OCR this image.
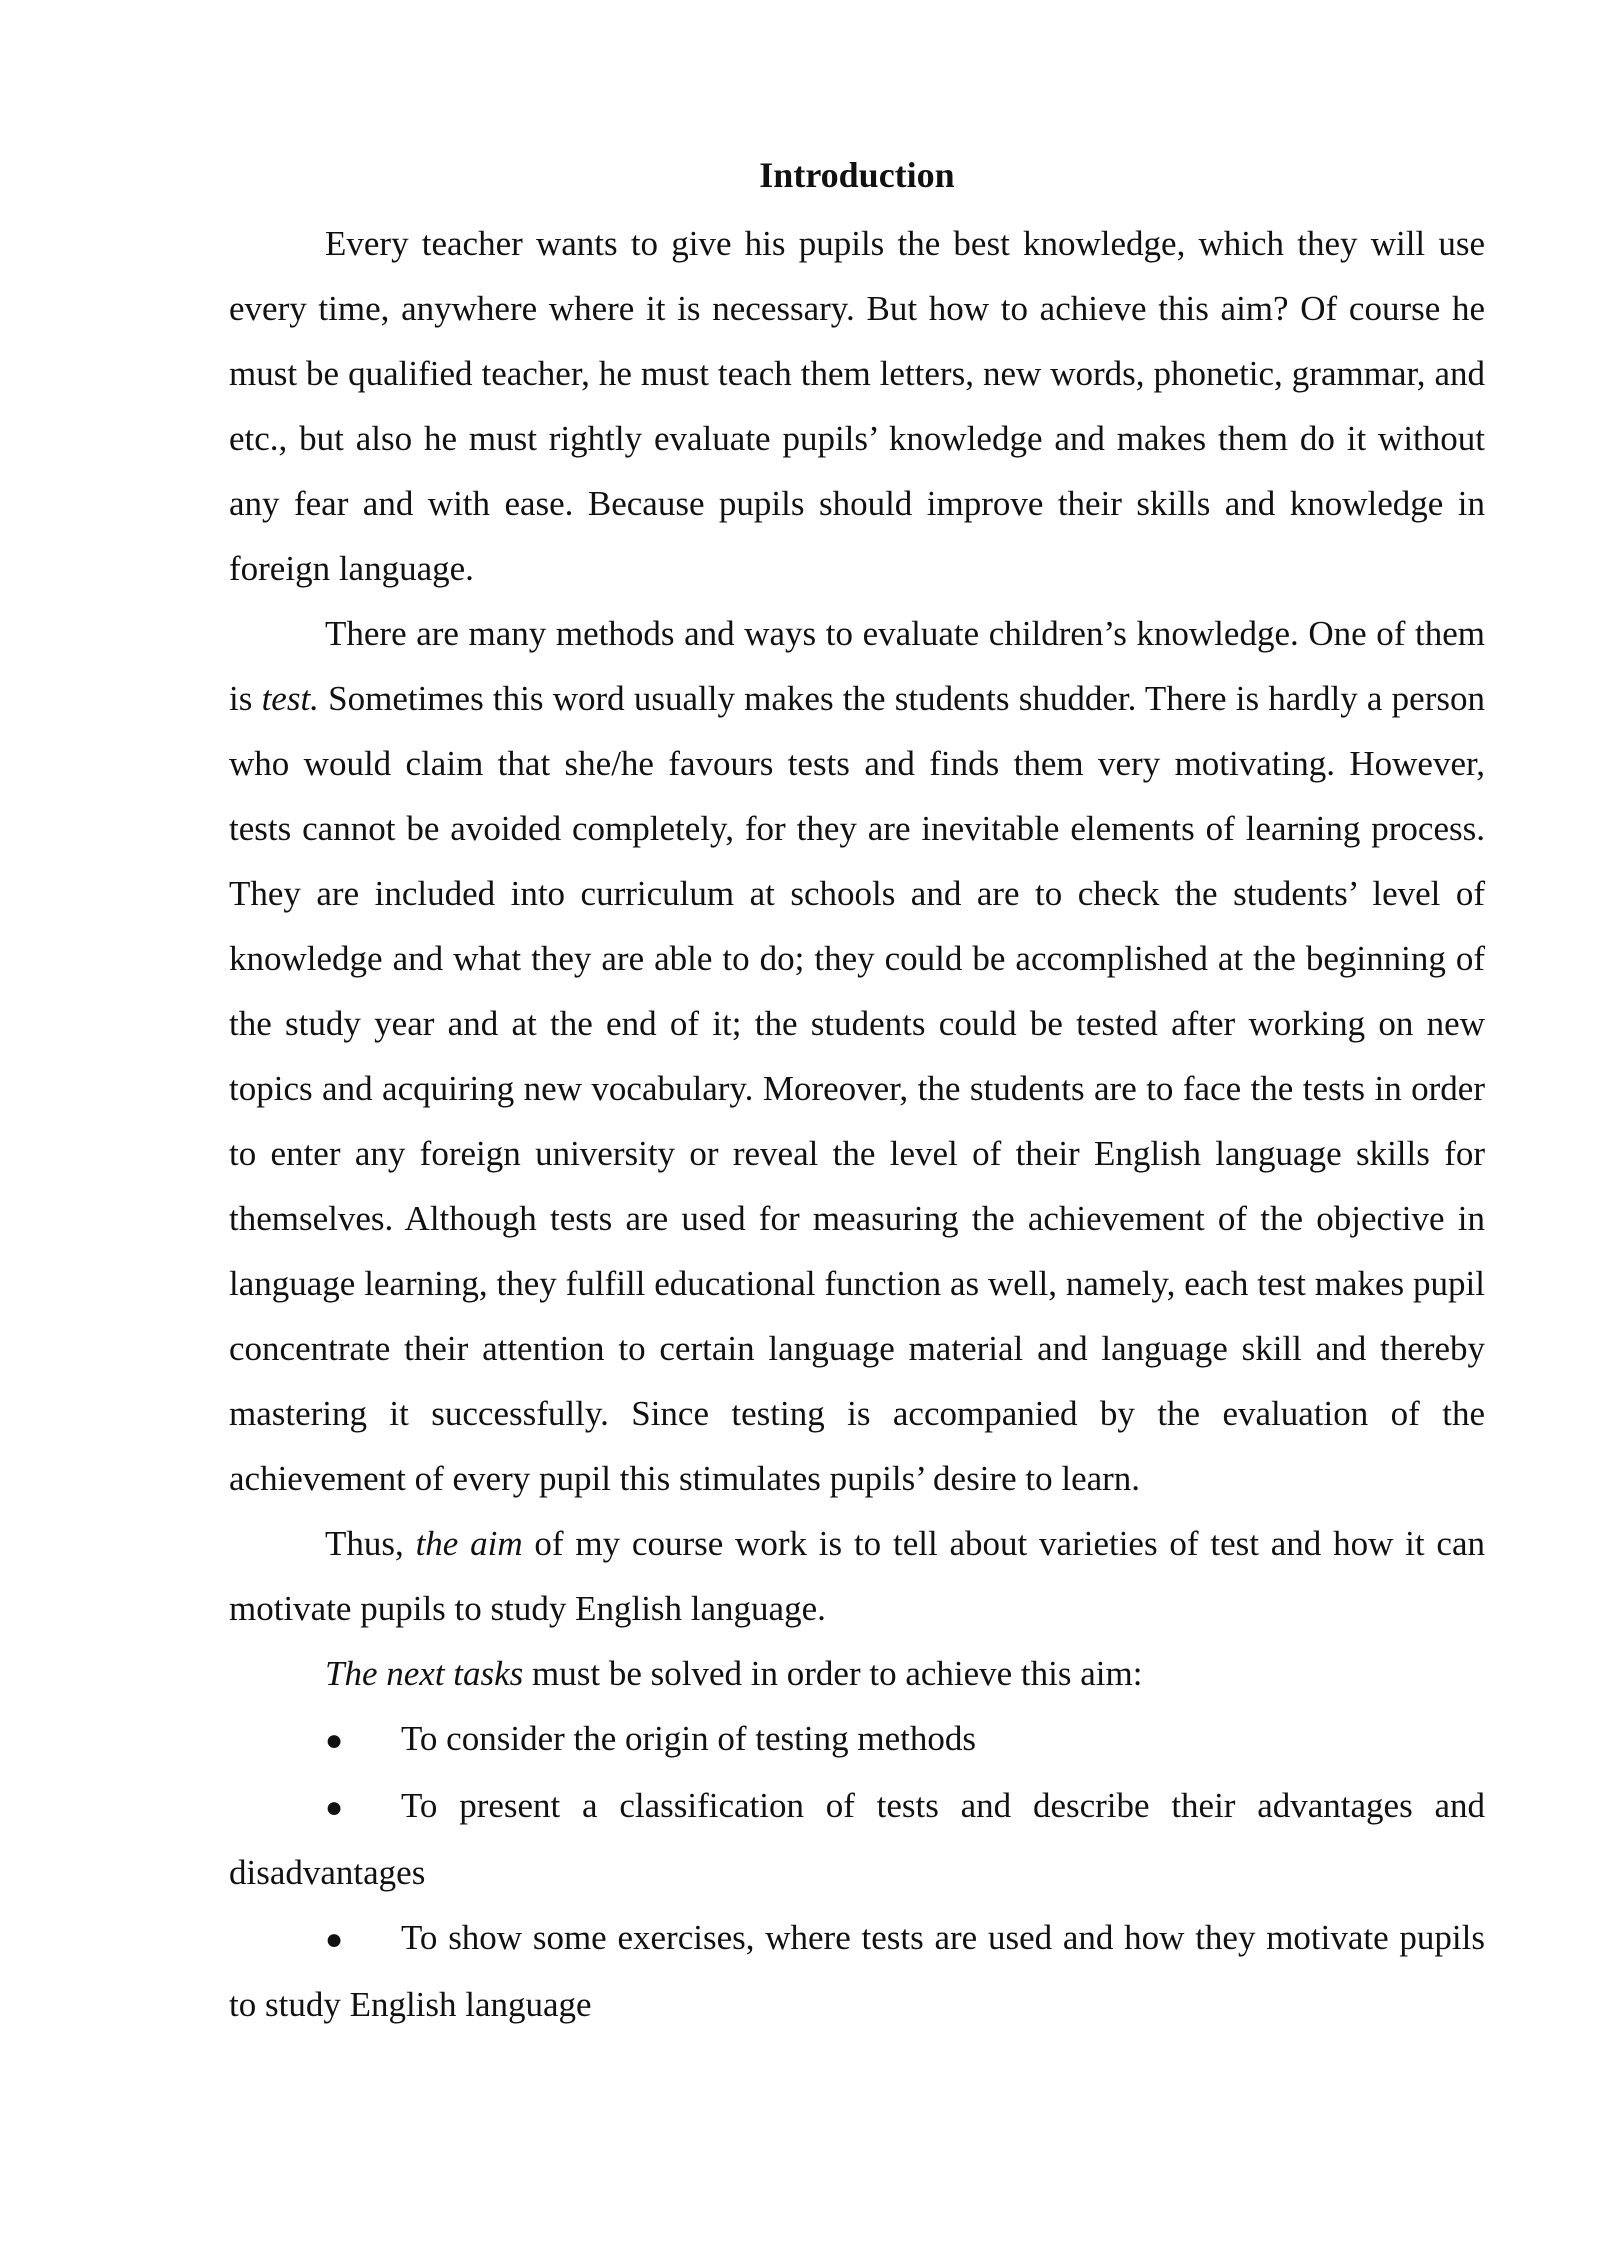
Introduction

Every teacher wants to give his pupils the best knowledge, which they will use every time, anywhere where it is necessary. But how to achieve this aim? Of course he must be qualified teacher, he must teach them letters, new words, phonetic, grammar, and etc., but also he must rightly evaluate pupils’ knowledge and makes them do it without any fear and with ease. Because pupils should improve their skills and knowledge in foreign language.

There are many methods and ways to evaluate children’s knowledge. One of them is test. Sometimes this word usually makes the students shudder. There is hardly a person who would claim that she/he favours tests and finds them very motivating. However, tests cannot be avoided completely, for they are inevitable elements of learning process. They are included into curriculum at schools and are to check the students’ level of knowledge and what they are able to do; they could be accomplished at the beginning of the study year and at the end of it; the students could be tested after working on new topics and acquiring new vocabulary. Moreover, the students are to face the tests in order to enter any foreign university or reveal the level of their English language skills for themselves. Although tests are used for measuring the achievement of the objective in language learning, they fulfill educational function as well, namely, each test makes pupil concentrate their attention to certain language material and language skill and thereby mastering it successfully. Since testing is accompanied by the evaluation of the achievement of every pupil this stimulates pupils’ desire to learn.

Thus, the aim of my course work is to tell about varieties of test and how it can motivate pupils to study English language.

The next tasks must be solved in order to achieve this aim:

● To consider the origin of testing methods
● To present a classification of tests and describe their advantages and disadvantages
● To show some exercises, where tests are used and how they motivate pupils to study English language
